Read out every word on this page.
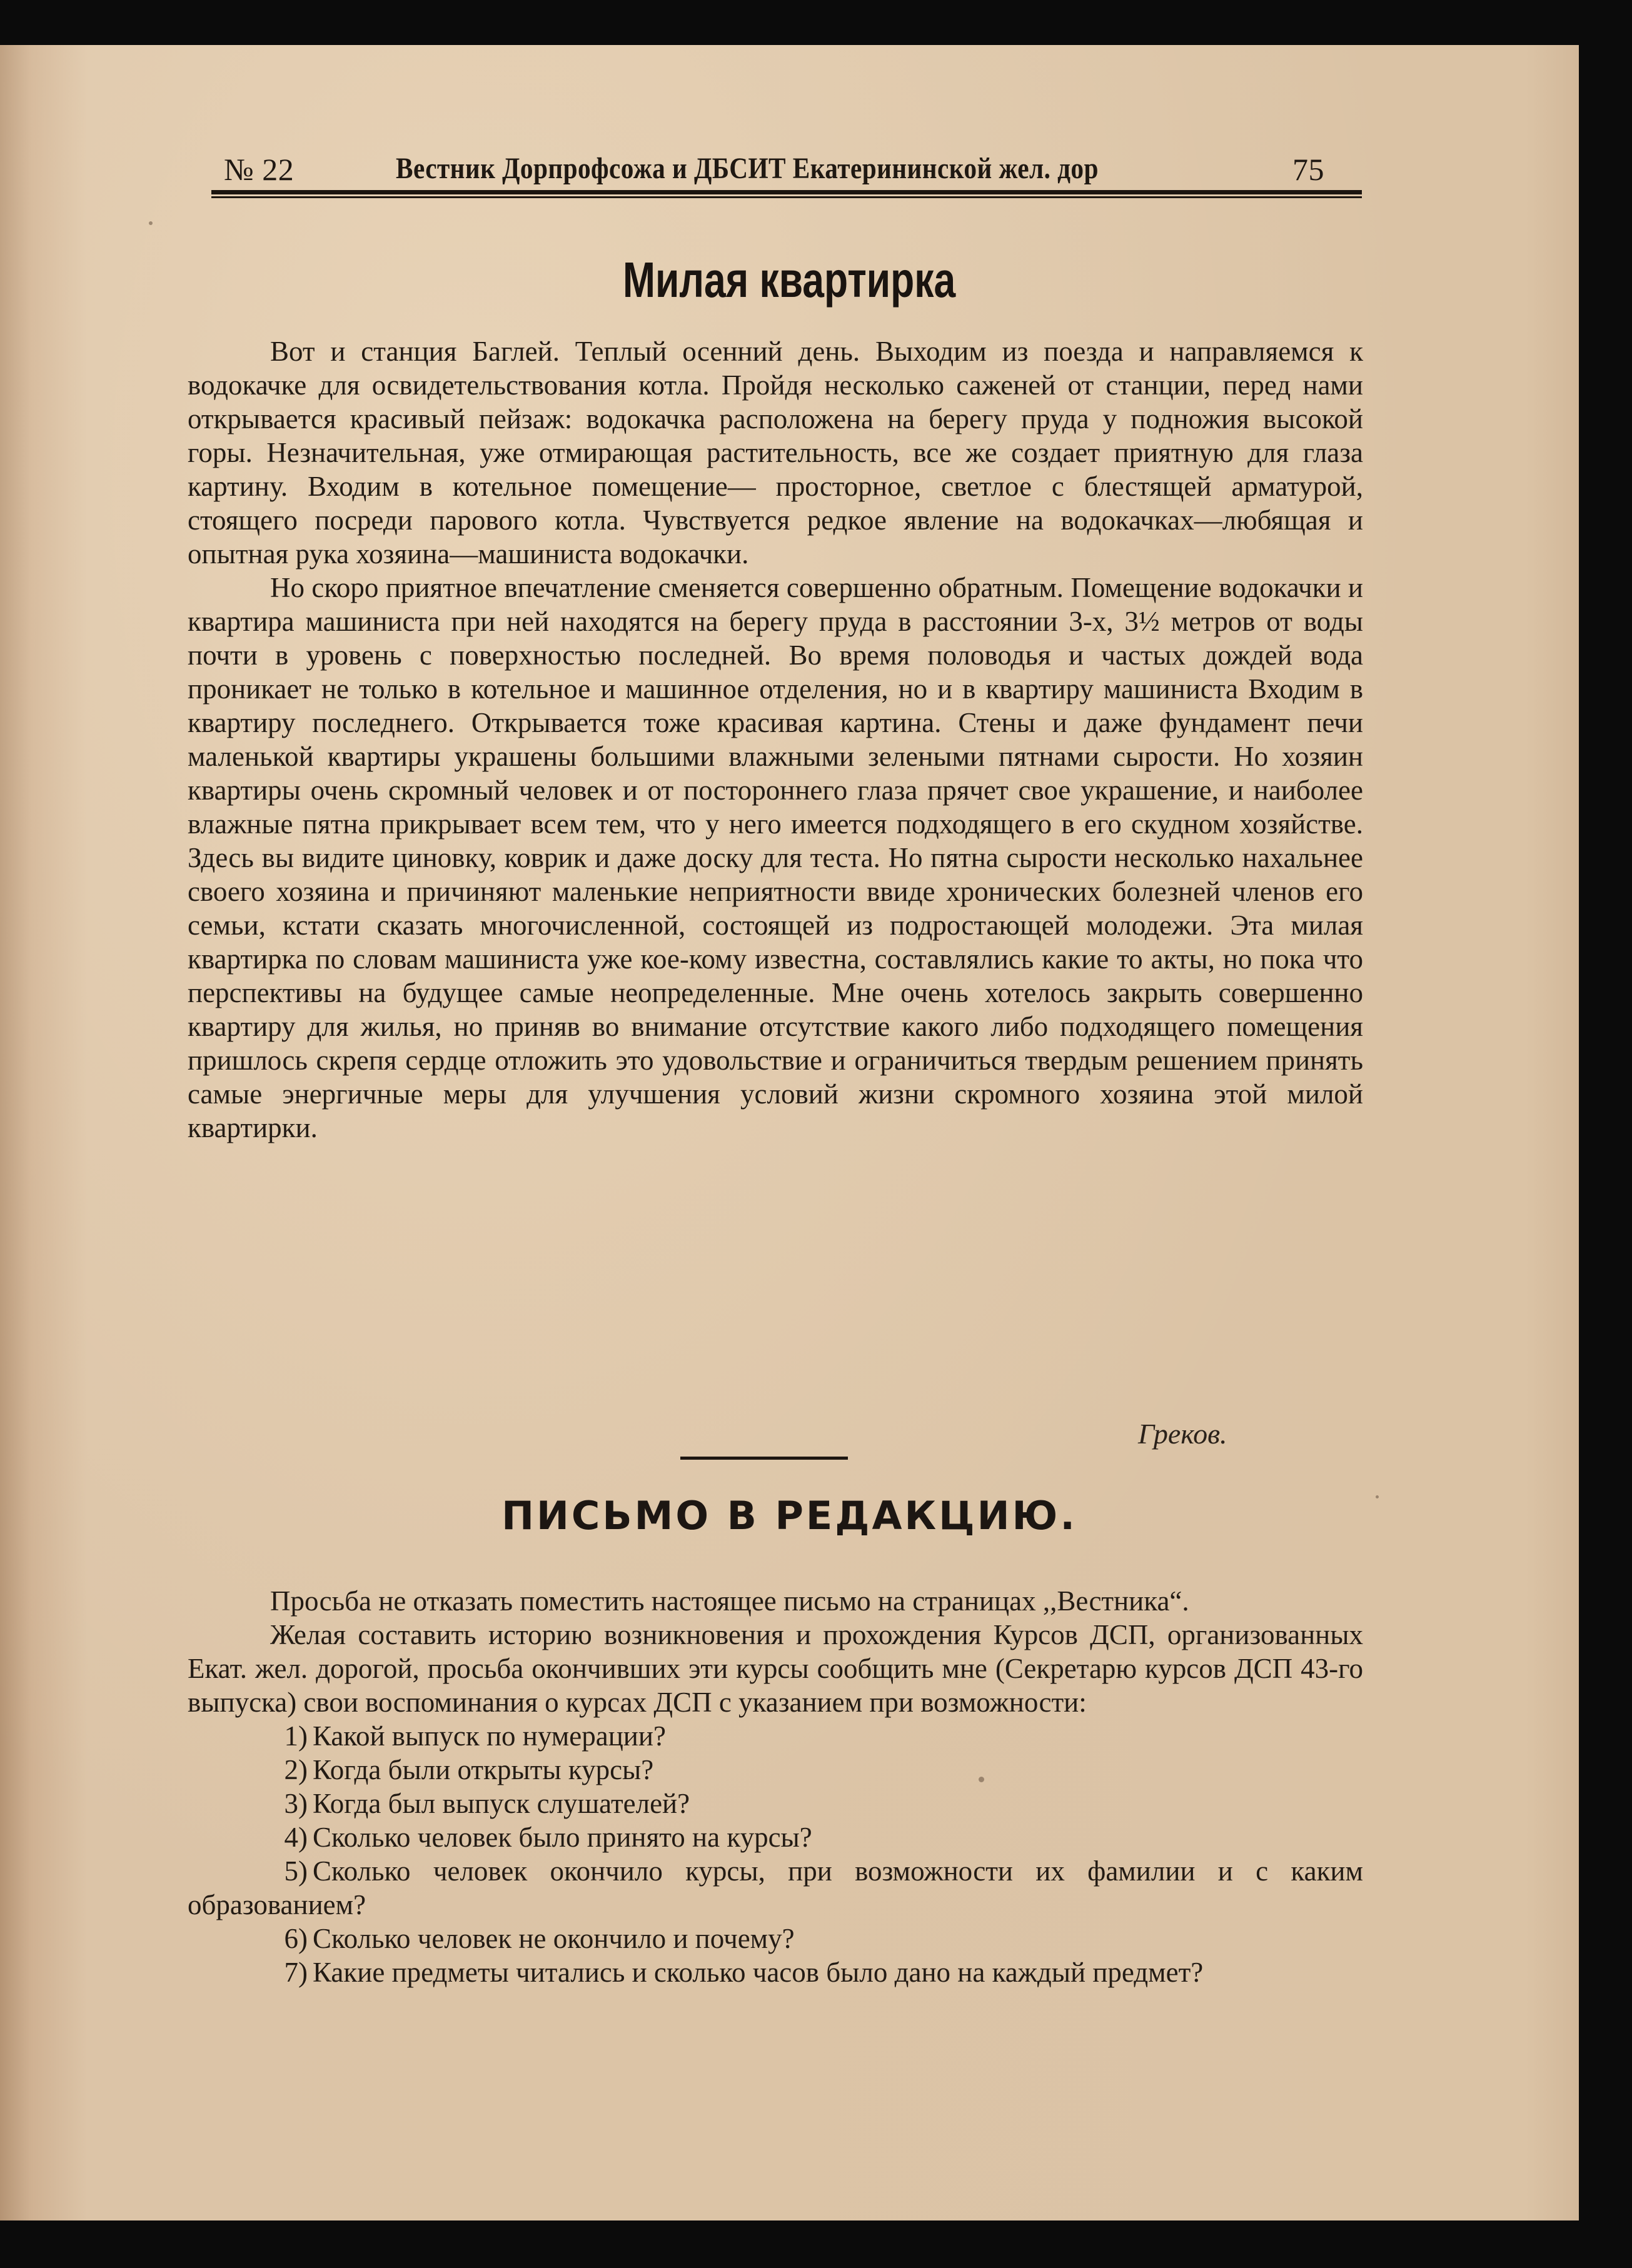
№ 22	Вестник Дорпрофсожа и ДБСИТ Екатерининской жел. дор	75
Милая квартирка

Вот и станция Баглей. Теплый осенний день. Выходим из поезда и направляемся к водокачке для освидетельствования котла. Пройдя несколько саженей от станции, перед нами открывается красивый пейзаж: водокачка расположена на берегу пруда у подножия высокой горы. Незначительная, уже отмирающая растительность, все же создает приятную для глаза картину. Входим в котельное помещение— просторное, светлое с блестящей арматурой, стоящего посреди парового котла. Чувствуется редкое явление на водокачках—любящая и опытная рука хозяина—машиниста водокачки.

Но скоро приятное впечатление сменяется совершенно обратным. Помещение водокачки и квартира машиниста при ней находятся на берегу пруда в расстоянии 3-х, 3½ метров от воды почти в уровень с поверхностью последней. Во время половодья и частых дождей вода проникает не только в котельное и машинное отделения, но и в квартиру машиниста Входим в квартиру последнего. Открывается тоже красивая картина. Стены и даже фундамент печи маленькой квартиры украшены большими влажными зелеными пятнами сырости. Но хозяин квартиры очень скромный человек и от постороннего глаза прячет свое украшение, и наиболее влажные пятна прикрывает всем тем, что у него имеется подходящего в его скудном хозяйстве. Здесь вы видите циновку, коврик и даже доску для теста. Но пятна сырости несколько нахальнее своего хозяина и причиняют маленькие неприятности ввиде хронических болезней членов его семьи, кстати сказать многочисленной, состоящей из подростающей молодежи. Эта милая квартирка по словам машиниста уже кое-кому известна, составлялись какие то акты, но пока что перспективы на будущее самые неопределенные. Мне очень хотелось закрыть совершенно квартиру для жилья, но приняв во внимание отсутствие какого либо подходящего помещения пришлось скрепя сердце отложить это удовольствие и ограничиться твердым решением принять самые энергичные меры для улучшения условий жизни скромного хозяина этой милой квартирки.

Греков.
ПИСЬМО В РЕДАКЦИЮ.

Просьба не отказать поместить настоящее письмо на страницах ,,Вестника“.

Желая составить историю возникновения и прохождения Курсов ДСП, организованных Екат. жел. дорогой, просьба окончивших эти курсы сообщить мне (Секретарю курсов ДСП 43-го выпуска) свои воспоминания о курсах ДСП с указанием при возможности:

1) Какой выпуск по нумерации?
2) Когда были открыты курсы?
3) Когда был выпуск слушателей?
4) Сколько человек было принято на курсы?
5) Сколько человек окончило курсы, при возможности их фамилии и с каким образованием?
6) Сколько человек не окончило и почему?
7) Какие предметы читались и сколько часов было дано на каждый предмет?
